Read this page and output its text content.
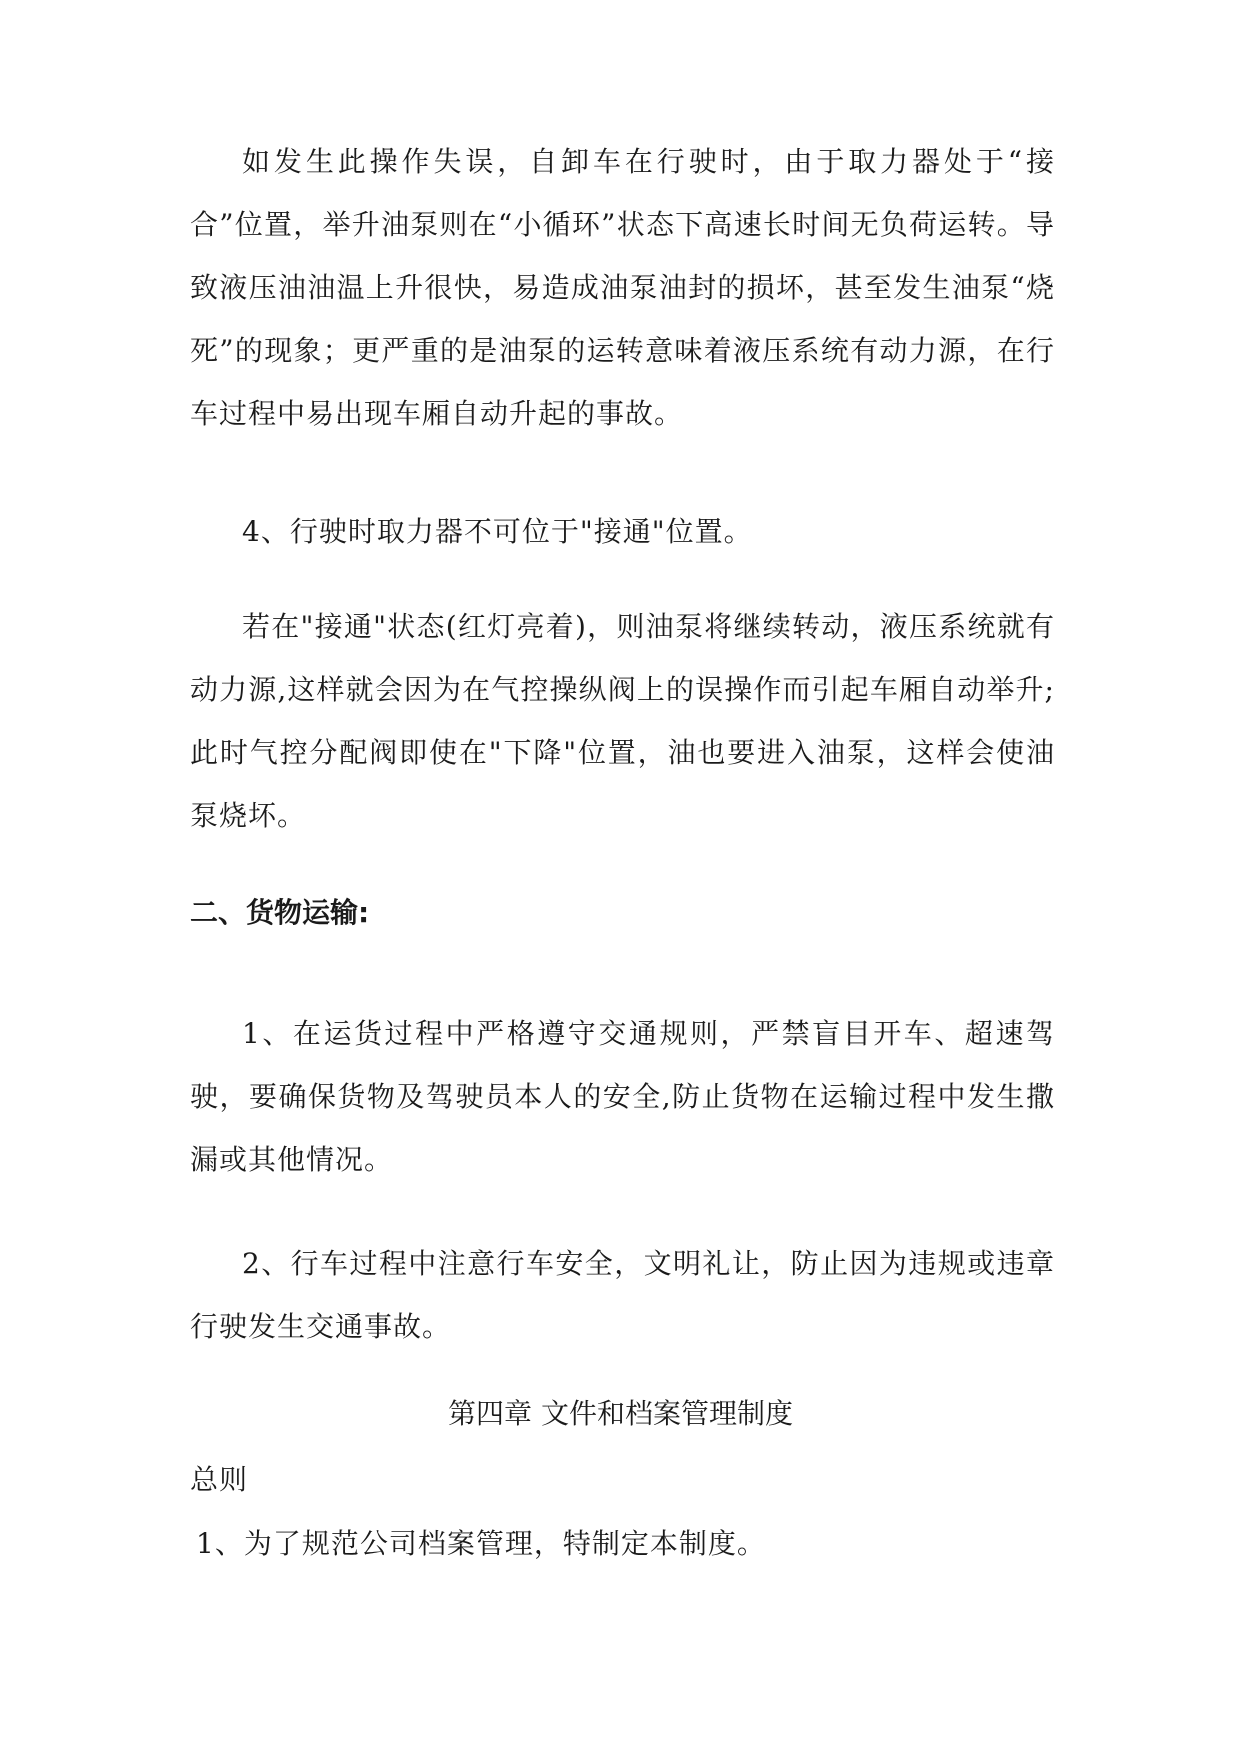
如发生此操作失误，自卸车在行驶时，由于取力器处于“接合”位置，举升油泵则在“小循环”状态下高速长时间无负荷运转。导致液压油油温上升很快，易造成油泵油封的损坏，甚至发生油泵“烧死”的现象；更严重的是油泵的运转意味着液压系统有动力源，在行车过程中易出现车厢自动升起的事故。

4、行驶时取力器不可位于"接通"位置。

若在"接通"状态(红灯亮着)，则油泵将继续转动，液压系统就有动力源,这样就会因为在气控操纵阀上的误操作而引起车厢自动举升;此时气控分配阀即使在"下降"位置，油也要进入油泵，这样会使油泵烧坏。

二、货物运输:

1、在运货过程中严格遵守交通规则，严禁盲目开车、超速驾驶，要确保货物及驾驶员本人的安全,防止货物在运输过程中发生撒漏或其他情况。

2、行车过程中注意行车安全，文明礼让，防止因为违规或违章行驶发生交通事故。

第四章 文件和档案管理制度

总则

1、为了规范公司档案管理，特制定本制度。
